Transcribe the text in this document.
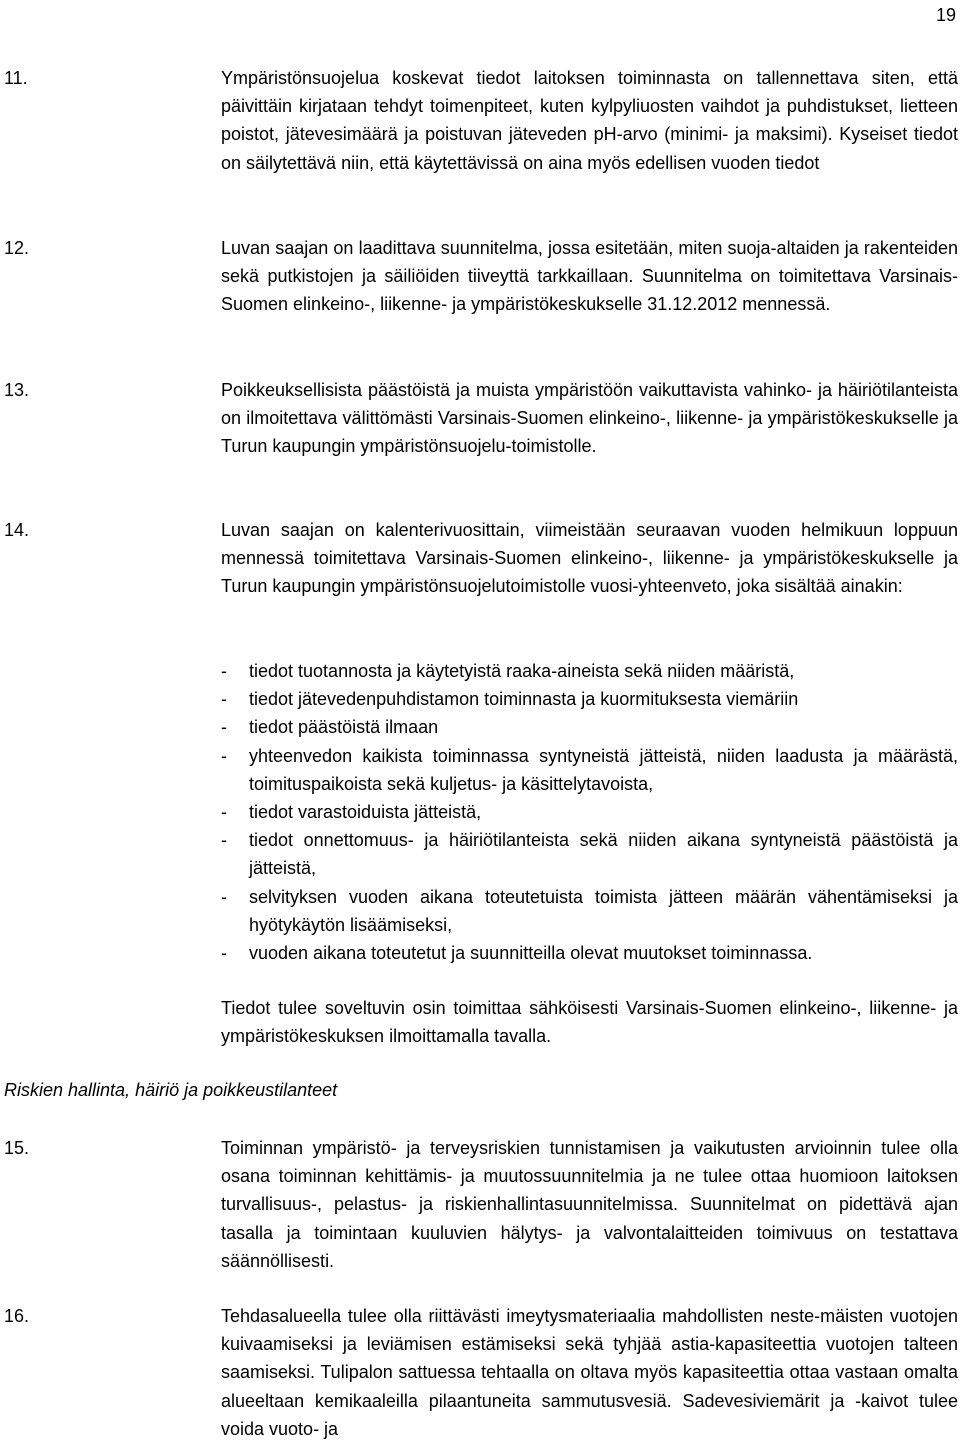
19
11.	Ympäristönsuojelua koskevat tiedot laitoksen toiminnasta on tallennettava siten, että päivittäin kirjataan tehdyt toimenpiteet, kuten kylpyliuosten vaihdot ja puhdistukset, lietteen poistot, jätevesimäärä ja poistuvan jäteveden pH-arvo (minimi- ja maksimi). Kyseiset tiedot on säilytettävä niin, että käytettävissä on aina myös edellisen vuoden tiedot

12.	Luvan saajan on laadittava suunnitelma, jossa esitetään, miten suoja-altaiden ja rakenteiden sekä putkistojen ja säiliöiden tiiveyttä tarkkaillaan. Suunnitelma on toimitettava Varsinais-Suomen elinkeino-, liikenne- ja ympäristökeskukselle 31.12.2012 mennessä.

13.	Poikkeuksellisista päästöistä ja muista ympäristöön vaikuttavista vahinko- ja häiriötilanteista on ilmoitettava välittömästi Varsinais-Suomen elinkeino-, liikenne- ja ympäristökeskukselle ja Turun kaupungin ympäristönsuojelu-toimistolle.

14.	Luvan saajan on kalenterivuosittain, viimeistään seuraavan vuoden helmikuun loppuun mennessä toimitettava Varsinais-Suomen elinkeino-, liikenne- ja ympäristökeskukselle ja Turun kaupungin ympäristönsuojelutoimistolle vuosi-yhteenveto, joka sisältää ainakin:

- tiedot tuotannosta ja käytetyistä raaka-aineista sekä niiden määristä,
- tiedot jätevedenpuhdistamon toiminnasta ja kuormituksesta viemäriin
- tiedot päästöistä ilmaan
- yhteenvedon kaikista toiminnassa syntyneistä jätteistä, niiden laadusta ja määrästä, toimituspaikoista sekä kuljetus- ja käsittelytavoista,
- tiedot varastoiduista jätteistä,
- tiedot onnettomuus- ja häiriötilanteista sekä niiden aikana syntyneistä päästöistä ja jätteistä,
- selvityksen vuoden aikana toteutetuista toimista jätteen määrän vähentämiseksi ja hyötykäytön lisäämiseksi,
- vuoden aikana toteutetut ja suunnitteilla olevat muutokset toiminnassa.

Tiedot tulee soveltuvin osin toimittaa sähköisesti Varsinais-Suomen elinkeino-, liikenne- ja ympäristökeskuksen ilmoittamalla tavalla.

Riskien hallinta, häiriö ja poikkeustilanteet
15.	Toiminnan ympäristö- ja terveysriskien tunnistamisen ja vaikutusten arvioinnin tulee olla osana toiminnan kehittämis- ja muutossuunnitelmia ja ne tulee ottaa huomioon laitoksen turvallisuus-, pelastus- ja riskienhallintasuunnitelmissa. Suunnitelmat on pidettävä ajan tasalla ja toimintaan kuuluvien hälytys- ja valvontalaitteiden toimivuus on testattava säännöllisesti.

16.	Tehdasalueella tulee olla riittävästi imeytysmateriaalia mahdollisten neste-mäisten vuotojen kuivaamiseksi ja leviämisen estämiseksi sekä tyhjää astia-kapasiteettia vuotojen talteen saamiseksi. Tulipalon sattuessa tehtaalla on oltava myös kapasiteettia ottaa vastaan omalta alueeltaan kemikaaleilla pilaantuneita sammutusvesiä. Sadevesiviemärit ja -kaivot tulee voida vuoto- ja
